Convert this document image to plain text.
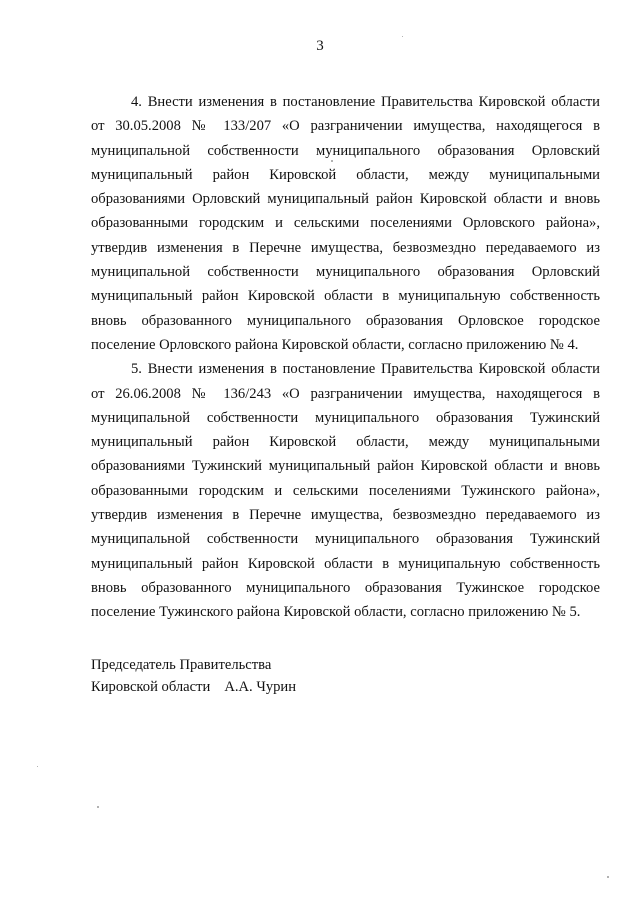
3

4. Внести изменения в постановление Правительства Кировской области от 30.05.2008 № 133/207 «О разграничении имущества, находящегося в муниципальной собственности муниципального образования Орловский муниципальный район Кировской области, между муниципальными образованиями Орловский муниципальный район Кировской области и вновь образованными городским и сельскими поселениями Орловского района», утвердив изменения в Перечне имущества, безвозмездно передаваемого из муниципальной собственности муниципального образования Орловский муниципальный район Кировской области в муниципальную собственность вновь образованного муниципального образования Орловское городское поселение Орловского района Кировской области, согласно приложению № 4.

5. Внести изменения в постановление Правительства Кировской области от 26.06.2008 № 136/243 «О разграничении имущества, находящегося в муниципальной собственности муниципального образования Тужинский муниципальный район Кировской области, между муниципальными образованиями Тужинский муниципальный район Кировской области и вновь образованными городским и сельскими поселениями Тужинского района», утвердив изменения в Перечне имущества, безвозмездно передаваемого из муниципальной собственности муниципального образования Тужинский муниципальный район Кировской области в муниципальную собственность вновь образованного муниципального образования Тужинское городское поселение Тужинского района Кировской области, согласно приложению № 5.

Председатель Правительства
Кировской области А.А. Чурин
